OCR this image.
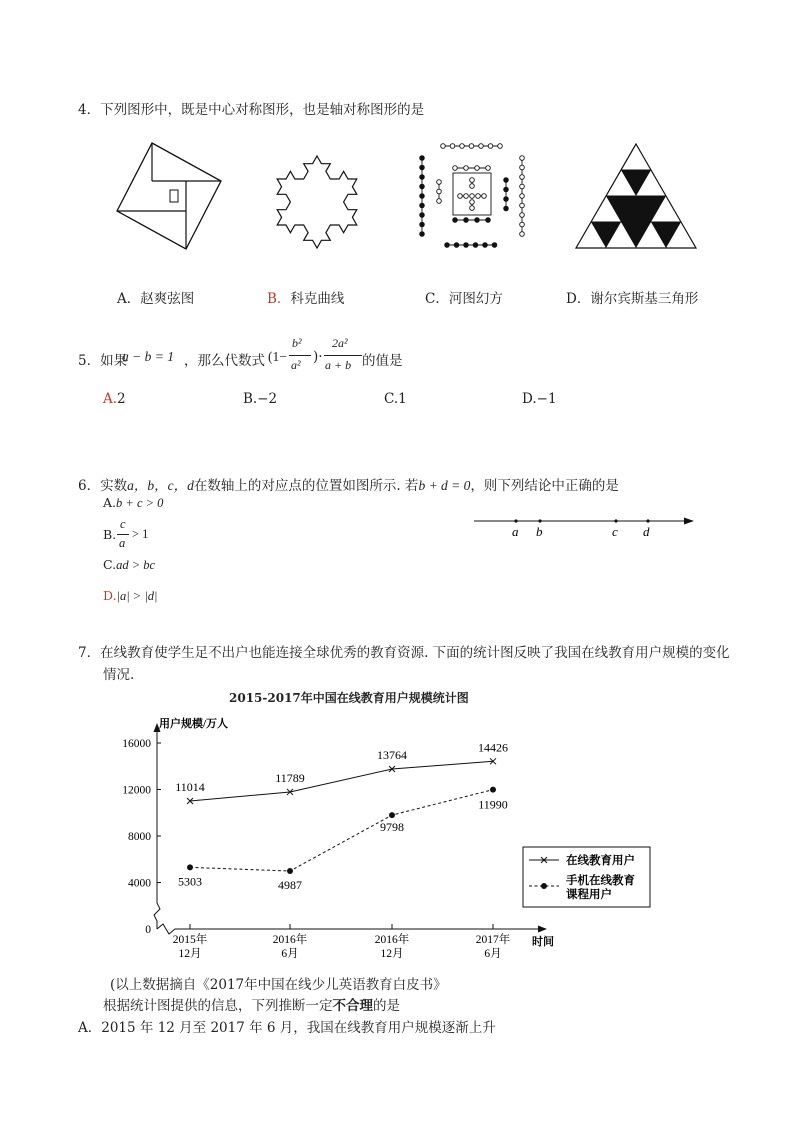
4．下列图形中，既是中心对称图形，也是轴对称图形的是
A．赵爽弦图	B．科克曲线	C．河图幻方	D．谢尔宾斯基三角形
5．如果
a − b = 1 ，那么代数式 (1−
b²
a² )·
2a²
a + b 的值是
A.2	B.−2	C.1	D.−1
6．实数a，b，c，d在数轴上的对应点的位置如图所示. 若b + d = 0，则下列结论中正确的是
A.b + c > 0
B.
c
a
> 1
C.ad > bc
D.|a| > |d|
a b	c d
7．在线教育使学生足不出户也能连接全球优秀的教育资源. 下面的统计图反映了我国在线教育用户规模的变化
情况.
2015-2017年中国在线教育用户规模统计图
用户规模/万人
时间
0
4000
8000
12000
16000
2015年
12月
2016年
6月
2016年
12月
2017年
6月
11014
11789
13764
14426
5303	4987
9798
11990
在线教育用户
手机在线教育
课程用户
(以上数据摘自《2017年中国在线少儿英语教育白皮书》
根据统计图提供的信息，下列推断一定不合理的是
A．2015 年 12 月至 2017 年 6 月，我国在线教育用户规模逐渐上升
